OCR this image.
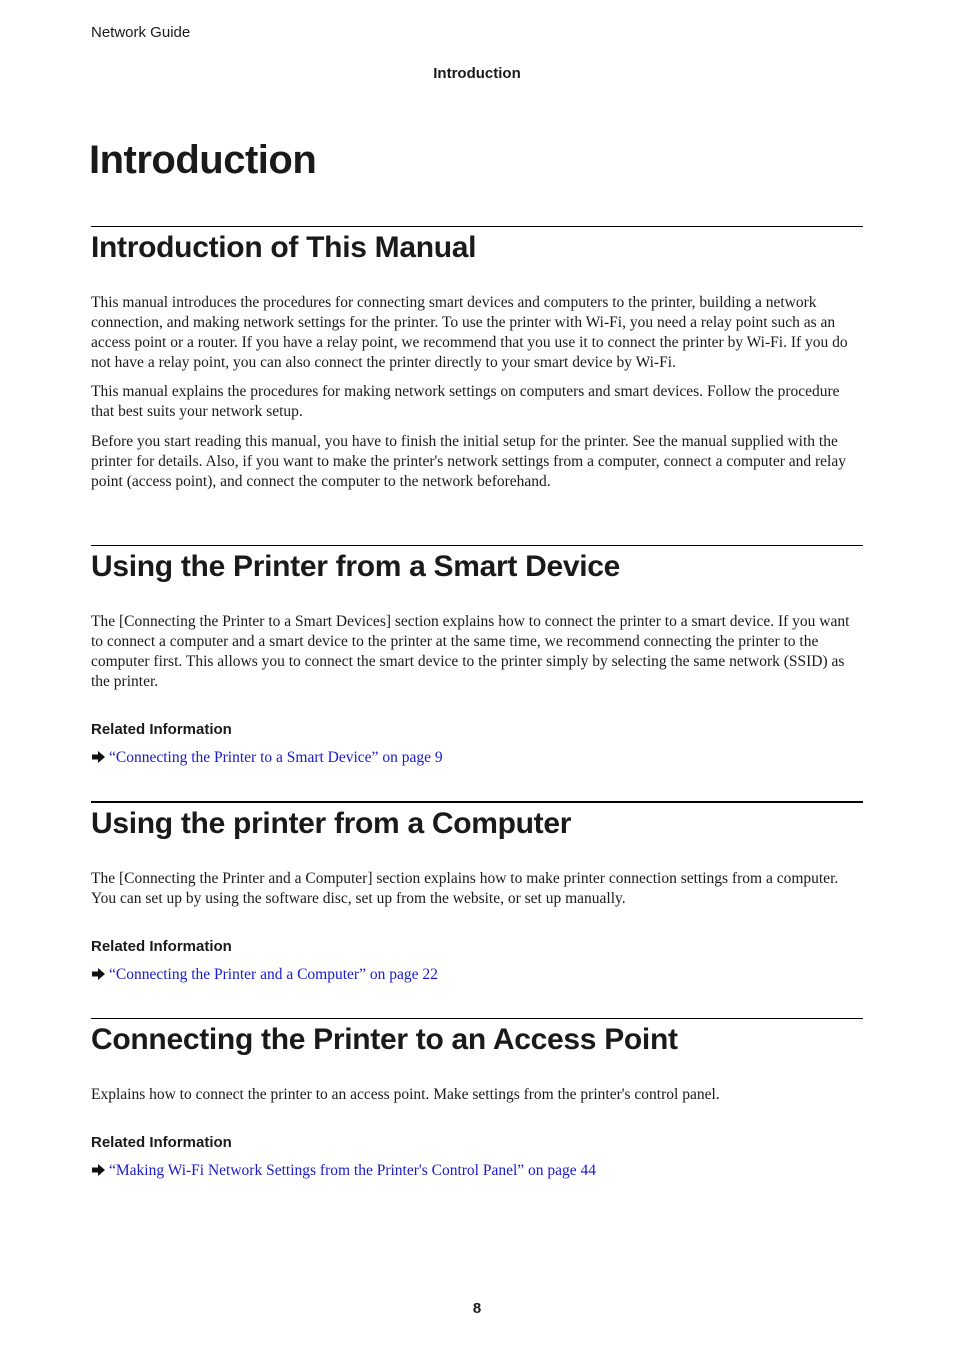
Network Guide

Introduction

Introduction
Introduction of This Manual

This manual introduces the procedures for connecting smart devices and computers to the printer, building a network connection, and making network settings for the printer. To use the printer with Wi-Fi, you need a relay point such as an access point or a router. If you have a relay point, we recommend that you use it to connect the printer by Wi-Fi. If you do not have a relay point, you can also connect the printer directly to your smart device by Wi-Fi.

This manual explains the procedures for making network settings on computers and smart devices. Follow the procedure that best suits your network setup.

Before you start reading this manual, you have to finish the initial setup for the printer. See the manual supplied with the printer for details. Also, if you want to make the printer's network settings from a computer, connect a computer and relay point (access point), and connect the computer to the network beforehand.

Using the Printer from a Smart Device

The [Connecting the Printer to a Smart Devices] section explains how to connect the printer to a smart device. If you want to connect a computer and a smart device to the printer at the same time, we recommend connecting the printer to the computer first. This allows you to connect the smart device to the printer simply by selecting the same network (SSID) as the printer.

Related Information

“Connecting the Printer to a Smart Device” on page 9

Using the printer from a Computer

The [Connecting the Printer and a Computer] section explains how to make printer connection settings from a computer. You can set up by using the software disc, set up from the website, or set up manually.

Related Information

“Connecting the Printer and a Computer” on page 22

Connecting the Printer to an Access Point

Explains how to connect the printer to an access point. Make settings from the printer's control panel.

Related Information

“Making Wi-Fi Network Settings from the Printer's Control Panel” on page 44

8
